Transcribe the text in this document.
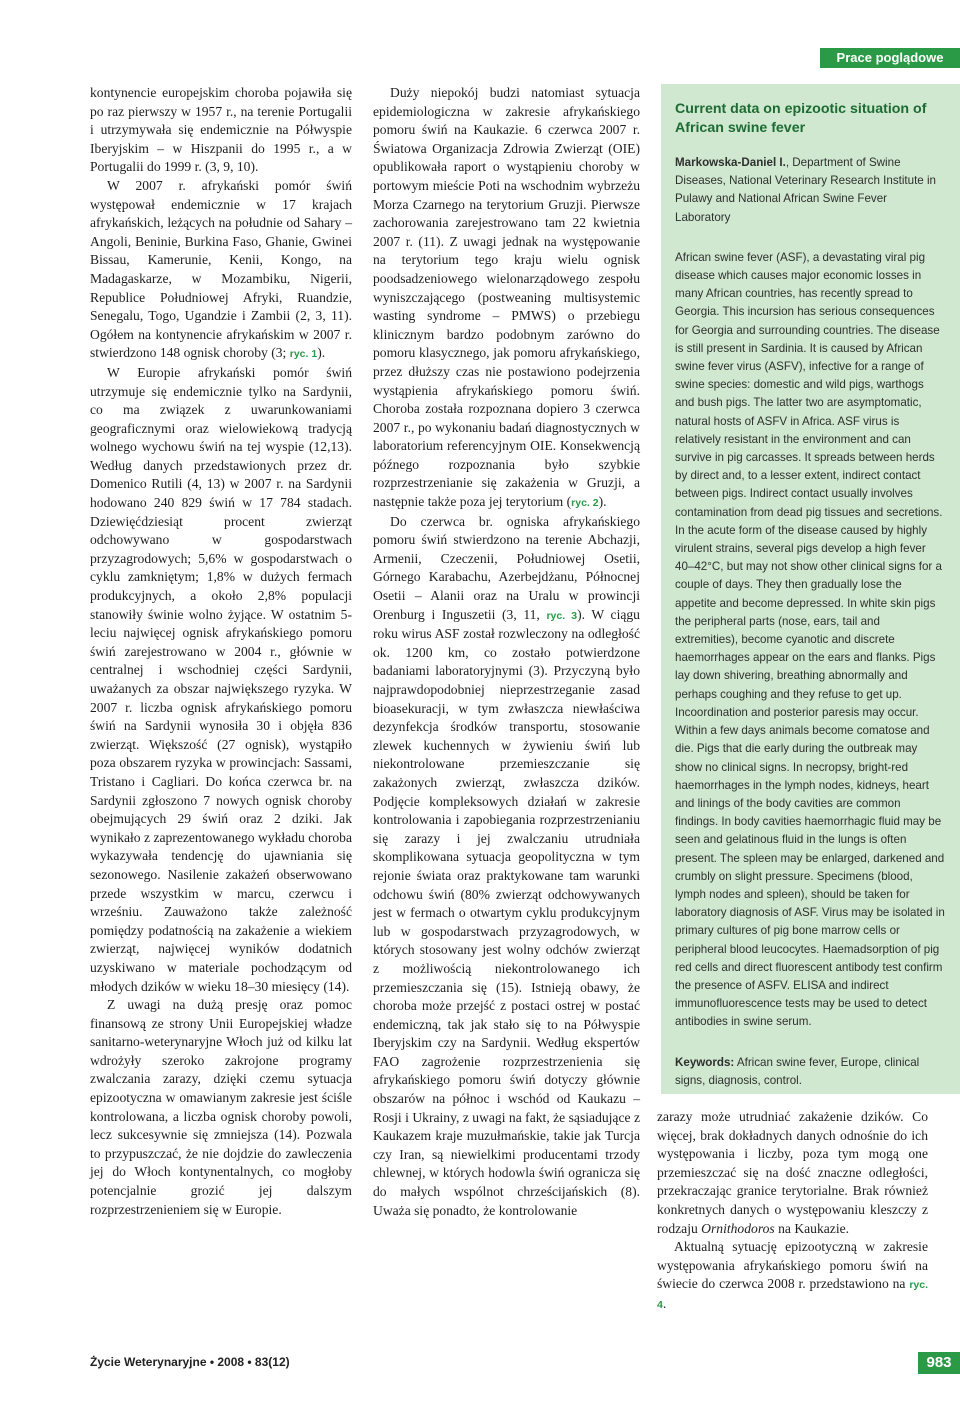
Prace poglądowe

kontynencie europejskim choroba pojawiła się po raz pierwszy w 1957 r., na terenie Portugalii i utrzymywała się endemicznie na Półwyspie Iberyjskim – w Hiszpanii do 1995 r., a w Portugalii do 1999 r. (3, 9, 10).

W 2007 r. afrykański pomór świń występował endemicznie w 17 krajach afrykańskich, leżących na południe od Sahary – Angoli, Beninie, Burkina Faso, Ghanie, Gwinei Bissau, Kamerunie, Kenii, Kongo, na Madagaskarze, w Mozambiku, Nigerii, Republice Południowej Afryki, Ruandzie, Senegalu, Togo, Ugandzie i Zambii (2, 3, 11). Ogółem na kontynencie afrykańskim w 2007 r. stwierdzono 148 ognisk choroby (3; ryc. 1).

W Europie afrykański pomór świń utrzymuje się endemicznie tylko na Sardynii, co ma związek z uwarunkowaniami geograficznymi oraz wielowiekową tradycją wolnego wychowu świń na tej wyspie (12,13). Według danych przedstawionych przez dr. Domenico Rutili (4, 13) w 2007 r. na Sardynii hodowano 240 829 świń w 17 784 stadach. Dziewięćdziesiąt procent zwierząt odchowywano w gospodarstwach przyzagrodowych; 5,6% w gospodarstwach o cyklu zamkniętym; 1,8% w dużych fermach produkcyjnych, a około 2,8% populacji stanowiły świnie wolno żyjące. W ostatnim 5-leciu najwięcej ognisk afrykańskiego pomoru świń zarejestrowano w 2004 r., głównie w centralnej i wschodniej części Sardynii, uważanych za obszar największego ryzyka. W 2007 r. liczba ognisk afrykańskiego pomoru świń na Sardynii wynosiła 30 i objęła 836 zwierząt. Większość (27 ognisk), wystąpiło poza obszarem ryzyka w prowincjach: Sassami, Tristano i Cagliari. Do końca czerwca br. na Sardynii zgłoszono 7 nowych ognisk choroby obejmujących 29 świń oraz 2 dziki. Jak wynikało z zaprezentowanego wykładu choroba wykazywała tendencję do ujawniania się sezonowego. Nasilenie zakażeń obserwowano przede wszystkim w marcu, czerwcu i wrześniu. Zauważono także zależność pomiędzy podatnością na zakażenie a wiekiem zwierząt, najwięcej wyników dodatnich uzyskiwano w materiale pochodzącym od młodych dzików w wieku 18–30 miesięcy (14).

Z uwagi na dużą presję oraz pomoc finansową ze strony Unii Europejskiej władze sanitarno-weterynaryjne Włoch już od kilku lat wdrożyły szeroko zakrojone programy zwalczania zarazy, dzięki czemu sytuacja epizootyczna w omawianym zakresie jest ściśle kontrolowana, a liczba ognisk choroby powoli, lecz sukcesywnie się zmniejsza (14). Pozwala to przypuszczać, że nie dojdzie do zawleczenia jej do Włoch kontynentalnych, co mogłoby potencjalnie grozić jej dalszym rozprzestrzenieniem się w Europie.

Duży niepokój budzi natomiast sytuacja epidemiologiczna w zakresie afrykańskiego pomoru świń na Kaukazie. 6 czerwca 2007 r. Światowa Organizacja Zdrowia Zwierząt (OIE) opublikowała raport o wystąpieniu choroby w portowym mieście Poti na wschodnim wybrzeżu Morza Czarnego na terytorium Gruzji. Pierwsze zachorowania zarejestrowano tam 22 kwietnia 2007 r. (11). Z uwagi jednak na występowanie na terytorium tego kraju wielu ognisk poodsadzeniowego wielonarządowego zespołu wyniszczającego (postweaning multisystemic wasting syndrome – PMWS) o przebiegu klinicznym bardzo podobnym zarówno do pomoru klasycznego, jak pomoru afrykańskiego, przez dłuższy czas nie postawiono podejrzenia wystąpienia afrykańskiego pomoru świń. Choroba została rozpoznana dopiero 3 czerwca 2007 r., po wykonaniu badań diagnostycznych w laboratorium referencyjnym OIE. Konsekwencją późnego rozpoznania było szybkie rozprzestrzenianie się zakażenia w Gruzji, a następnie także poza jej terytorium (ryc. 2).

Do czerwca br. ogniska afrykańskiego pomoru świń stwierdzono na terenie Abchazji, Armenii, Czeczenii, Południowej Osetii, Górnego Karabachu, Azerbejdżanu, Północnej Osetii – Alanii oraz na Uralu w prowincji Orenburg i Inguszetii (3, 11, ryc. 3). W ciągu roku wirus ASF został rozwleczony na odległość ok. 1200 km, co zostało potwierdzone badaniami laboratoryjnymi (3). Przyczyną było najprawdopodobniej nieprzestrzeganie zasad bioasekuracji, w tym zwłaszcza niewłaściwa dezynfekcja środków transportu, stosowanie zlewek kuchennych w żywieniu świń lub niekontrolowane przemieszczanie się zakażonych zwierząt, zwłaszcza dzików. Podjęcie kompleksowych działań w zakresie kontrolowania i zapobiegania rozprzestrzenianiu się zarazy i jej zwalczaniu utrudniała skomplikowana sytuacja geopolityczna w tym rejonie świata oraz praktykowane tam warunki odchowu świń (80% zwierząt odchowywanych jest w fermach o otwartym cyklu produkcyjnym lub w gospodarstwach przyzagrodowych, w których stosowany jest wolny odchów zwierząt z możliwością niekontrolowanego ich przemieszczania się (15). Istnieją obawy, że choroba może przejść z postaci ostrej w postać endemiczną, tak jak stało się to na Półwyspie Iberyjskim czy na Sardynii. Według ekspertów FAO zagrożenie rozprzestrzenienia się afrykańskiego pomoru świń dotyczy głównie obszarów na północ i wschód od Kaukazu – Rosji i Ukrainy, z uwagi na fakt, że sąsiadujące z Kaukazem kraje muzułmańskie, takie jak Turcja czy Iran, są niewielkimi producentami trzody chlewnej, w których hodowla świń ogranicza się do małych wspólnot chrześcijańskich (8). Uważa się ponadto, że kontrolowanie

Current data on epizootic situation of African swine fever
Markowska-Daniel I., Department of Swine Diseases, National Veterinary Research Institute in Pulawy and National African Swine Fever Laboratory
African swine fever (ASF), a devastating viral pig disease which causes major economic losses in many African countries, has recently spread to Georgia. This incursion has serious consequences for Georgia and surrounding countries. The disease is still present in Sardinia. It is caused by African swine fever virus (ASFV), infective for a range of swine species: domestic and wild pigs, warthogs and bush pigs. The latter two are asymptomatic, natural hosts of ASFV in Africa. ASF virus is relatively resistant in the environment and can survive in pig carcasses. It spreads between herds by direct and, to a lesser extent, indirect contact between pigs. Indirect contact usually involves contamination from dead pig tissues and secretions. In the acute form of the disease caused by highly virulent strains, several pigs develop a high fever 40–42°C, but may not show other clinical signs for a couple of days. They then gradually lose the appetite and become depressed. In white skin pigs the peripheral parts (nose, ears, tail and extremities), become cyanotic and discrete haemorrhages appear on the ears and flanks. Pigs lay down shivering, breathing abnormally and perhaps coughing and they refuse to get up. Incoordination and posterior paresis may occur. Within a few days animals become comatose and die. Pigs that die early during the outbreak may show no clinical signs. In necropsy, bright-red haemorrhages in the lymph nodes, kidneys, heart and linings of the body cavities are common findings. In body cavities haemorrhagic fluid may be seen and gelatinous fluid in the lungs is often present. The spleen may be enlarged, darkened and crumbly on slight pressure. Specimens (blood, lymph nodes and spleen), should be taken for laboratory diagnosis of ASF. Virus may be isolated in primary cultures of pig bone marrow cells or peripheral blood leucocytes. Haemadsorption of pig red cells and direct fluorescent antibody test confirm the presence of ASFV. ELISA and indirect immunofluorescence tests may be used to detect antibodies in swine serum.
Keywords: African swine fever, Europe, clinical signs, diagnosis, control.

zarazy może utrudniać zakażenie dzików. Co więcej, brak dokładnych danych odnośnie do ich występowania i liczby, poza tym mogą one przemieszczać się na dość znaczne odległości, przekraczając granice terytorialne. Brak również konkretnych danych o występowaniu kleszczy z rodzaju Ornithodoros na Kaukazie.

Aktualną sytuację epizootyczną w zakresie występowania afrykańskiego pomoru świń na świecie do czerwca 2008 r. przedstawiono na ryc. 4.

Życie Weterynaryjne • 2008 • 83(12)	983
